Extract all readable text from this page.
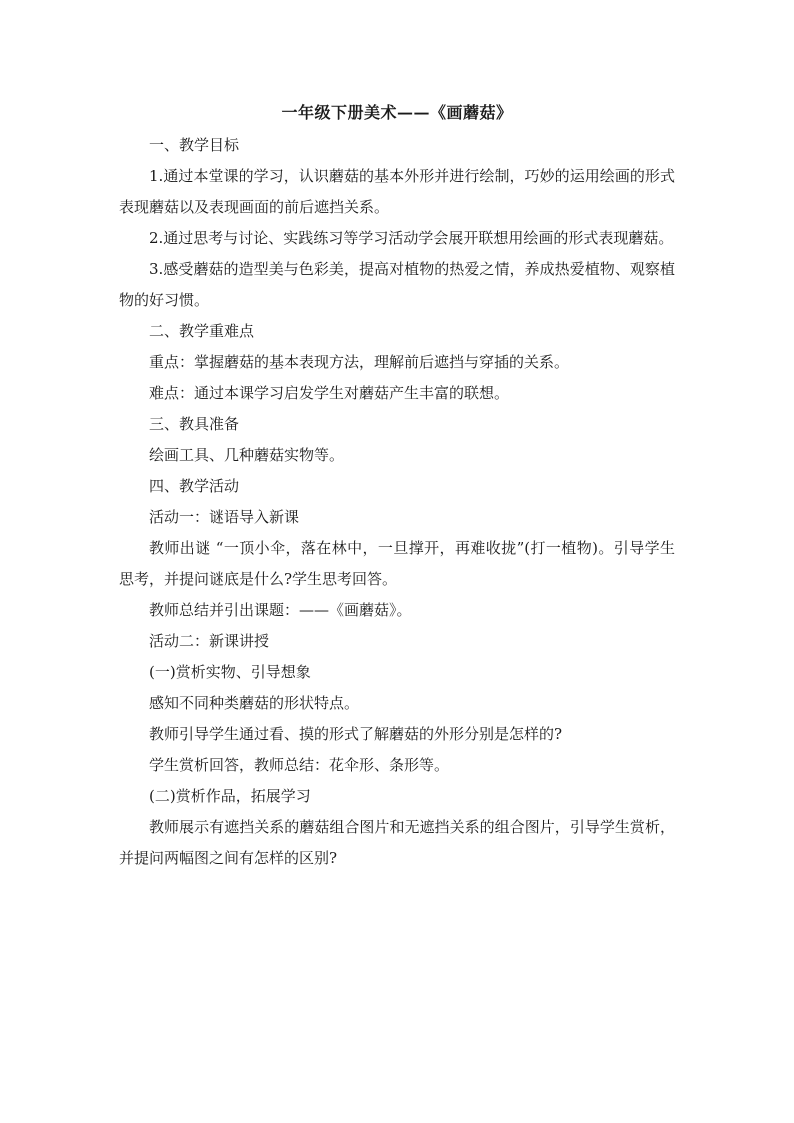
一年级下册美术——《画蘑菇》

一、教学目标

1.通过本堂课的学习，认识蘑菇的基本外形并进行绘制，巧妙的运用绘画的形式表现蘑菇以及表现画面的前后遮挡关系。

2.通过思考与讨论、实践练习等学习活动学会展开联想用绘画的形式表现蘑菇。

3.感受蘑菇的造型美与色彩美，提高对植物的热爱之情，养成热爱植物、观察植物的好习惯。

二、教学重难点

重点：掌握蘑菇的基本表现方法，理解前后遮挡与穿插的关系。

难点：通过本课学习启发学生对蘑菇产生丰富的联想。

三、教具准备

绘画工具、几种蘑菇实物等。

四、教学活动

活动一：谜语导入新课

教师出谜 “一顶小伞，落在林中，一旦撑开，再难收拢”(打一植物)。引导学生思考，并提问谜底是什么?学生思考回答。

教师总结并引出课题：——《画蘑菇》。

活动二：新课讲授

(一)赏析实物、引导想象

感知不同种类蘑菇的形状特点。

教师引导学生通过看、摸的形式了解蘑菇的外形分别是怎样的?

学生赏析回答，教师总结：花伞形、条形等。

(二)赏析作品，拓展学习

教师展示有遮挡关系的蘑菇组合图片和无遮挡关系的组合图片，引导学生赏析，并提问两幅图之间有怎样的区别?
